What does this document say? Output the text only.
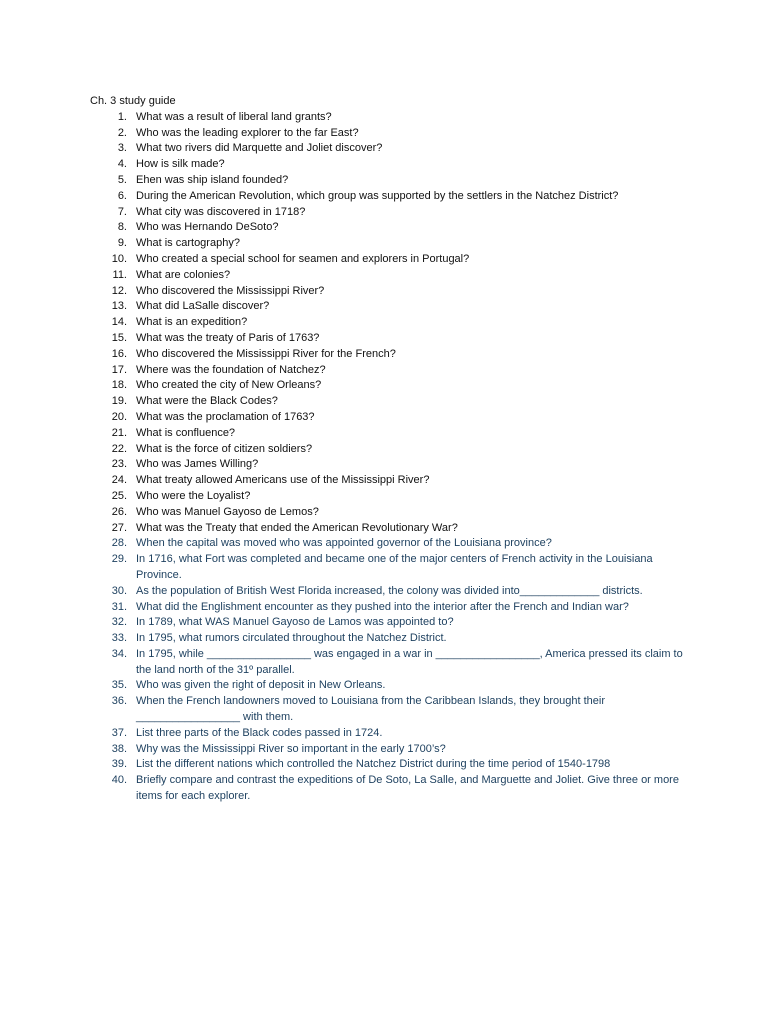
Ch. 3 study guide
1. What was a result of liberal land grants?
2. Who was the leading explorer to the far East?
3. What two rivers did Marquette and Joliet discover?
4. How is silk made?
5. Ehen was ship island founded?
6. During the American Revolution, which group was supported by the settlers in the Natchez District?
7. What city was discovered in 1718?
8. Who was Hernando DeSoto?
9. What is cartography?
10. Who created a special school for seamen and explorers in Portugal?
11. What are colonies?
12. Who discovered the Mississippi River?
13. What did LaSalle discover?
14. What is an expedition?
15. What was the treaty of Paris of 1763?
16. Who discovered the Mississippi River for the French?
17. Where was the foundation of Natchez?
18. Who created the city of New Orleans?
19. What were the Black Codes?
20. What was the proclamation of 1763?
21. What is confluence?
22. What is the force of citizen soldiers?
23. Who was James Willing?
24. What treaty allowed Americans use of the Mississippi River?
25. Who were the Loyalist?
26. Who was Manuel Gayoso de Lemos?
27. What was the Treaty that ended the American Revolutionary War?
28. When the capital was moved who was appointed governor of the Louisiana province?
29. In 1716, what Fort was completed and became one of the major centers of French activity in the Louisiana Province.
30. As the population of British West Florida increased, the colony was divided into_____________ districts.
31. What did the Englishment encounter as they pushed into the interior after the French and Indian war?
32. In 1789, what WAS Manuel Gayoso de Lamos was appointed to?
33. In 1795, what rumors circulated throughout the Natchez District.
34. In 1795, while _________________ was engaged in a war in _________________, America pressed its claim to the land north of the 31º parallel.
35. Who was given the right of deposit in New Orleans.
36. When the French landowners moved to Louisiana from the Caribbean Islands, they brought their _________________ with them.
37. List three parts of the Black codes passed in 1724.
38. Why was the Mississippi River so important in the early 1700’s?
39. List the different nations which controlled the Natchez District during the time period of 1540-1798
40. Briefly compare and contrast the expeditions of De Soto, La Salle, and Marguette and Joliet. Give three or more items for each explorer.
